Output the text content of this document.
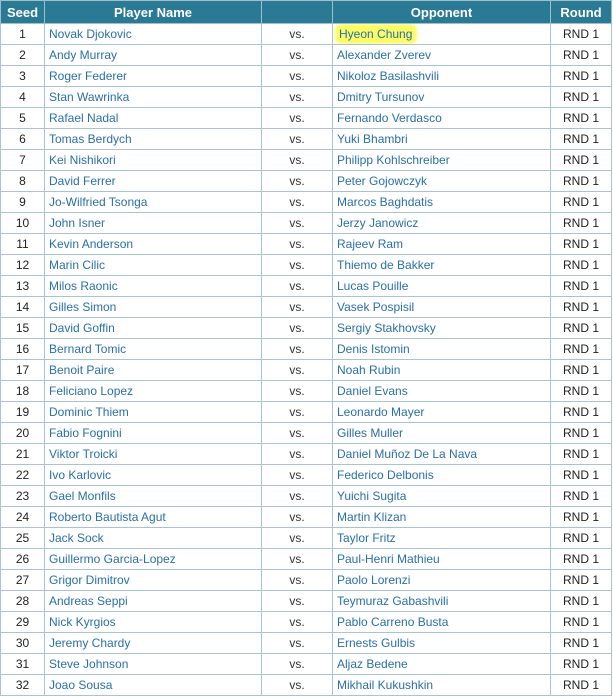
Seed	Player Name		Opponent	Round
1	Novak Djokovic	vs.	Hyeon Chung	RND 1
2	Andy Murray	vs.	Alexander Zverev	RND 1
3	Roger Federer	vs.	Nikoloz Basilashvili	RND 1
4	Stan Wawrinka	vs.	Dmitry Tursunov	RND 1
5	Rafael Nadal	vs.	Fernando Verdasco	RND 1
6	Tomas Berdych	vs.	Yuki Bhambri	RND 1
7	Kei Nishikori	vs.	Philipp Kohlschreiber	RND 1
8	David Ferrer	vs.	Peter Gojowczyk	RND 1
9	Jo-Wilfried Tsonga	vs.	Marcos Baghdatis	RND 1
10	John Isner	vs.	Jerzy Janowicz	RND 1
11	Kevin Anderson	vs.	Rajeev Ram	RND 1
12	Marin Cilic	vs.	Thiemo de Bakker	RND 1
13	Milos Raonic	vs.	Lucas Pouille	RND 1
14	Gilles Simon	vs.	Vasek Pospisil	RND 1
15	David Goffin	vs.	Sergiy Stakhovsky	RND 1
16	Bernard Tomic	vs.	Denis Istomin	RND 1
17	Benoit Paire	vs.	Noah Rubin	RND 1
18	Feliciano Lopez	vs.	Daniel Evans	RND 1
19	Dominic Thiem	vs.	Leonardo Mayer	RND 1
20	Fabio Fognini	vs.	Gilles Muller	RND 1
21	Viktor Troicki	vs.	Daniel Muñoz De La Nava	RND 1
22	Ivo Karlovic	vs.	Federico Delbonis	RND 1
23	Gael Monfils	vs.	Yuichi Sugita	RND 1
24	Roberto Bautista Agut	vs.	Martin Klizan	RND 1
25	Jack Sock	vs.	Taylor Fritz	RND 1
26	Guillermo Garcia-Lopez	vs.	Paul-Henri Mathieu	RND 1
27	Grigor Dimitrov	vs.	Paolo Lorenzi	RND 1
28	Andreas Seppi	vs.	Teymuraz Gabashvili	RND 1
29	Nick Kyrgios	vs.	Pablo Carreno Busta	RND 1
30	Jeremy Chardy	vs.	Ernests Gulbis	RND 1
31	Steve Johnson	vs.	Aljaz Bedene	RND 1
32	Joao Sousa	vs.	Mikhail Kukushkin	RND 1
